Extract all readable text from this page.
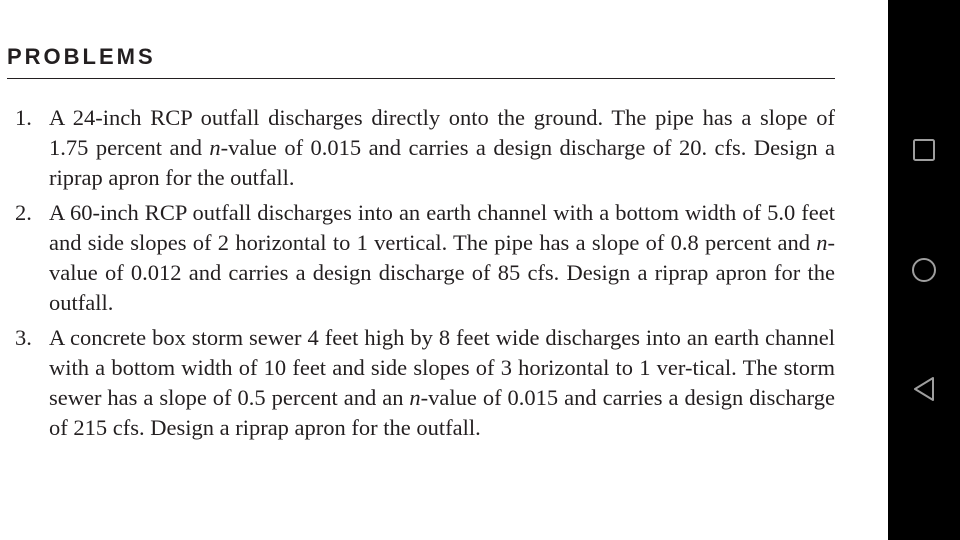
PROBLEMS
1. A 24-inch RCP outfall discharges directly onto the ground. The pipe has a slope of 1.75 percent and n-value of 0.015 and carries a design discharge of 20. cfs. Design a riprap apron for the outfall.
2. A 60-inch RCP outfall discharges into an earth channel with a bottom width of 5.0 feet and side slopes of 2 horizontal to 1 vertical. The pipe has a slope of 0.8 percent and n-value of 0.012 and carries a design discharge of 85 cfs. Design a riprap apron for the outfall.
3. A concrete box storm sewer 4 feet high by 8 feet wide discharges into an earth channel with a bottom width of 10 feet and side slopes of 3 horizontal to 1 ver-tical. The storm sewer has a slope of 0.5 percent and an n-value of 0.015 and carries a design discharge of 215 cfs. Design a riprap apron for the outfall.
